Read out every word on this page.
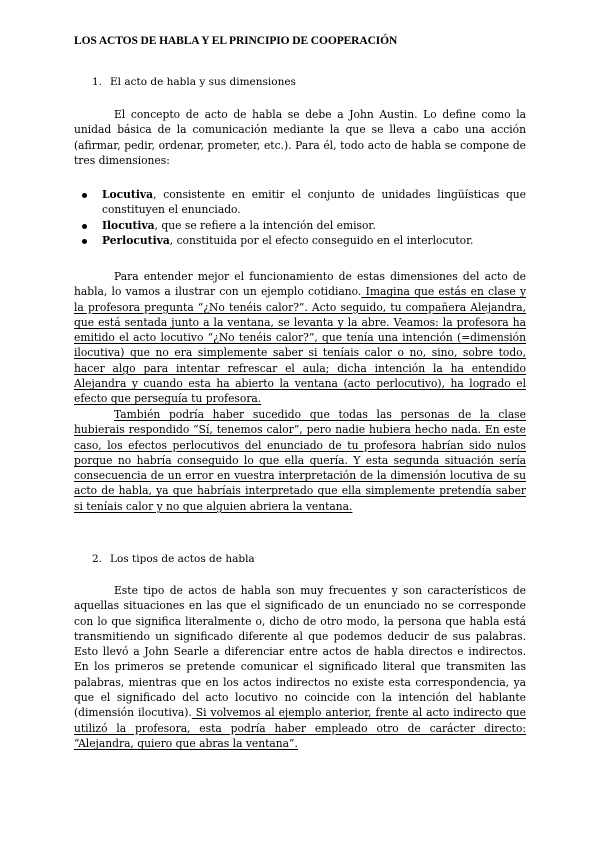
LOS ACTOS DE HABLA Y EL PRINCIPIO DE COOPERACIÓN
1. El acto de habla y sus dimensiones

El concepto de acto de habla se debe a John Austin. Lo define como la unidad básica de la comunicación mediante la que se lleva a cabo una acción (afirmar, pedir, ordenar, prometer, etc.). Para él, todo acto de habla se compone de tres dimensiones:

Locutiva, consistente en emitir el conjunto de unidades lingüísticas que constituyen el enunciado.
Ilocutiva, que se refiere a la intención del emisor.
Perlocutiva, constituida por el efecto conseguido en el interlocutor.

Para entender mejor el funcionamiento de estas dimensiones del acto de habla, lo vamos a ilustrar con un ejemplo cotidiano. Imagina que estás en clase y la profesora pregunta “¿No tenéis calor?”. Acto seguido, tu compañera Alejandra, que está sentada junto a la ventana, se levanta y la abre. Veamos: la profesora ha emitido el acto locutivo “¿No tenéis calor?”, que tenía una intención (=dimensión ilocutiva) que no era simplemente saber si teníais calor o no, sino, sobre todo, hacer algo para intentar refrescar el aula; dicha intención la ha entendido Alejandra y cuando esta ha abierto la ventana (acto perlocutivo), ha logrado el efecto que perseguía tu profesora.

También podría haber sucedido que todas las personas de la clase hubierais respondido “Sí, tenemos calor”, pero nadie hubiera hecho nada. En este caso, los efectos perlocutivos del enunciado de tu profesora habrían sido nulos porque no habría conseguido lo que ella quería. Y esta segunda situación sería consecuencia de un error en vuestra interpretación de la dimensión locutiva de su acto de habla, ya que habríais interpretado que ella simplemente pretendía saber si teníais calor y no que alguien abriera la ventana.

2. Los tipos de actos de habla

Este tipo de actos de habla son muy frecuentes y son característicos de aquellas situaciones en las que el significado de un enunciado no se corresponde con lo que significa literalmente o, dicho de otro modo, la persona que habla está transmitiendo un significado diferente al que podemos deducir de sus palabras. Esto llevó a John Searle a diferenciar entre actos de habla directos e indirectos. En los primeros se pretende comunicar el significado literal que transmiten las palabras, mientras que en los actos indirectos no existe esta correspondencia, ya que el significado del acto locutivo no coincide con la intención del hablante (dimensión ilocutiva). Si volvemos al ejemplo anterior, frente al acto indirecto que utilizó la profesora, esta podría haber empleado otro de carácter directo: “Alejandra, quiero que abras la ventana”.
